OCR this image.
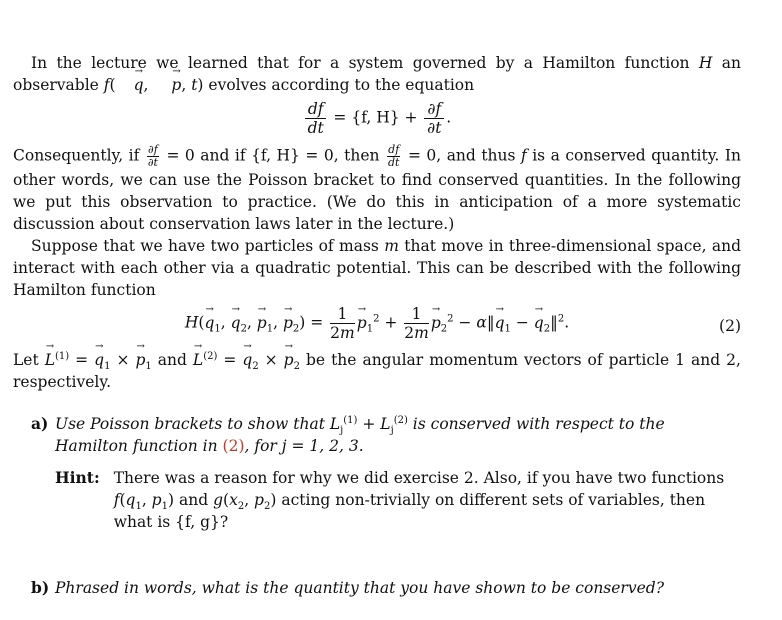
In the lecture we learned that for a system governed by a Hamilton function H an observable f( → q, → p, t) evolves according to the equation

$\frac{df}{dt} = \{f$, $H\} + \frac{\partial f}{\partial t}$ .

Consequently, if $\frac{\partial f}{\partial t} = 0$ and if {f, H} = 0, then $\frac{df}{dt} = 0$, and thus f is a conserved quantity. In other words, we can use the Poisson bracket to find conserved quantities. In the following we put this observation to practice. (We do this in anticipation of a more systematic discussion about conservation laws later in the lecture.)

Suppose that we have two particles of mass m that move in three-dimensional space, and interact with each other via a quadratic potential. This can be described with the following Hamilton function

$H(\to q_1$, → $q_2$, → $p_1$, → $p_2) = \frac{1}{2m} \to p_1^2 + \frac{1}{2m} \to p_2^2$ − α‖→ $q_1$ − → $q_2‖^2$.	(2)

Let → $L^{(1)}$ = → $q_1$ × → $p_1$ and → $L^{(2)}$ = → $q_2$ × → $p_2$ be the angular momentum vectors of particle 1 and 2, respectively.

a) Use Poisson brackets to show that $L_j^{(1)} + L_j^{(2)}$ is conserved with respect to the Hamilton function in (2), for j = 1, 2, 3.
Hint: There was a reason for why we did exercise 2. Also, if you have two functions $f(q_1$, $p_1$) and $g(x_2$, $p_2$) acting non-trivially on different sets of variables, then what is {f, g}?
b) Phrased in words, what is the quantity that you have shown to be conserved?
